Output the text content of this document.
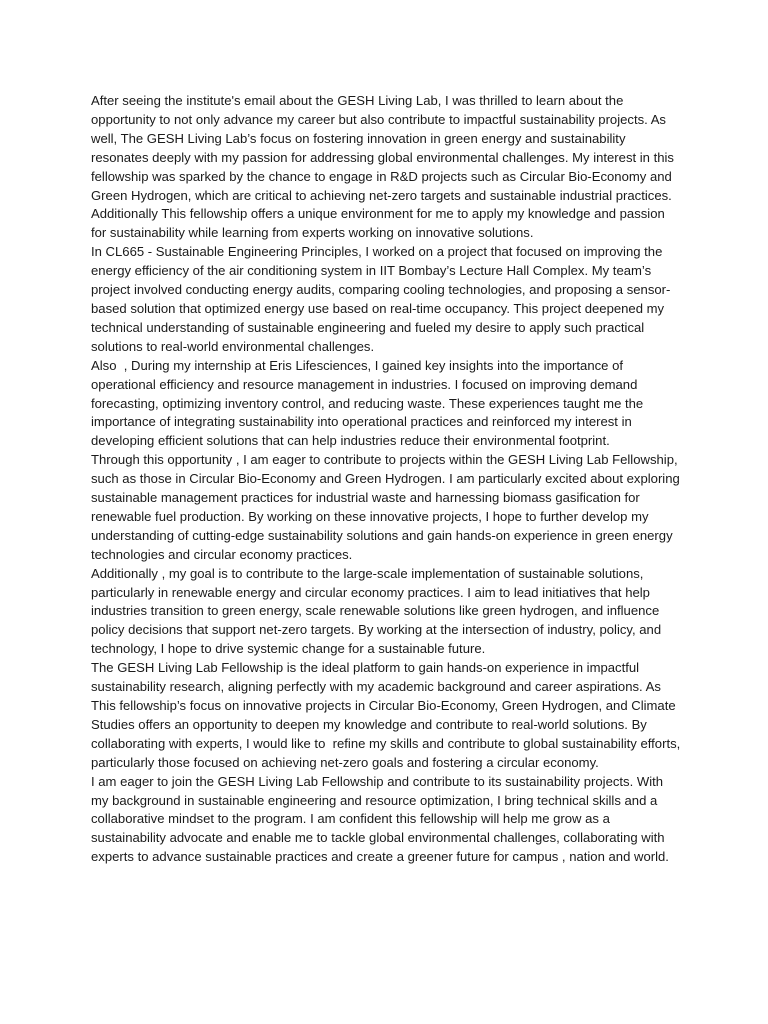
After seeing the institute's email about the GESH Living Lab, I was thrilled to learn about the opportunity to not only advance my career but also contribute to impactful sustainability projects. As well, The GESH Living Lab’s focus on fostering innovation in green energy and sustainability resonates deeply with my passion for addressing global environmental challenges. My interest in this fellowship was sparked by the chance to engage in R&D projects such as Circular Bio-Economy and Green Hydrogen, which are critical to achieving net-zero targets and sustainable industrial practices. Additionally This fellowship offers a unique environment for me to apply my knowledge and passion for sustainability while learning from experts working on innovative solutions.

In CL665 - Sustainable Engineering Principles, I worked on a project that focused on improving the energy efficiency of the air conditioning system in IIT Bombay’s Lecture Hall Complex. My team’s project involved conducting energy audits, comparing cooling technologies, and proposing a sensor-based solution that optimized energy use based on real-time occupancy. This project deepened my technical understanding of sustainable engineering and fueled my desire to apply such practical solutions to real-world environmental challenges.

Also  , During my internship at Eris Lifesciences, I gained key insights into the importance of operational efficiency and resource management in industries. I focused on improving demand forecasting, optimizing inventory control, and reducing waste. These experiences taught me the importance of integrating sustainability into operational practices and reinforced my interest in developing efficient solutions that can help industries reduce their environmental footprint.

Through this opportunity , I am eager to contribute to projects within the GESH Living Lab Fellowship, such as those in Circular Bio-Economy and Green Hydrogen. I am particularly excited about exploring sustainable management practices for industrial waste and harnessing biomass gasification for renewable fuel production. By working on these innovative projects, I hope to further develop my understanding of cutting-edge sustainability solutions and gain hands-on experience in green energy technologies and circular economy practices.

Additionally , my goal is to contribute to the large-scale implementation of sustainable solutions, particularly in renewable energy and circular economy practices. I aim to lead initiatives that help industries transition to green energy, scale renewable solutions like green hydrogen, and influence policy decisions that support net-zero targets. By working at the intersection of industry, policy, and technology, I hope to drive systemic change for a sustainable future.

The GESH Living Lab Fellowship is the ideal platform to gain hands-on experience in impactful sustainability research, aligning perfectly with my academic background and career aspirations. As This fellowship’s focus on innovative projects in Circular Bio-Economy, Green Hydrogen, and Climate Studies offers an opportunity to deepen my knowledge and contribute to real-world solutions. By collaborating with experts, I would like to  refine my skills and contribute to global sustainability efforts, particularly those focused on achieving net-zero goals and fostering a circular economy.

I am eager to join the GESH Living Lab Fellowship and contribute to its sustainability projects. With my background in sustainable engineering and resource optimization, I bring technical skills and a collaborative mindset to the program. I am confident this fellowship will help me grow as a sustainability advocate and enable me to tackle global environmental challenges, collaborating with experts to advance sustainable practices and create a greener future for campus , nation and world.
